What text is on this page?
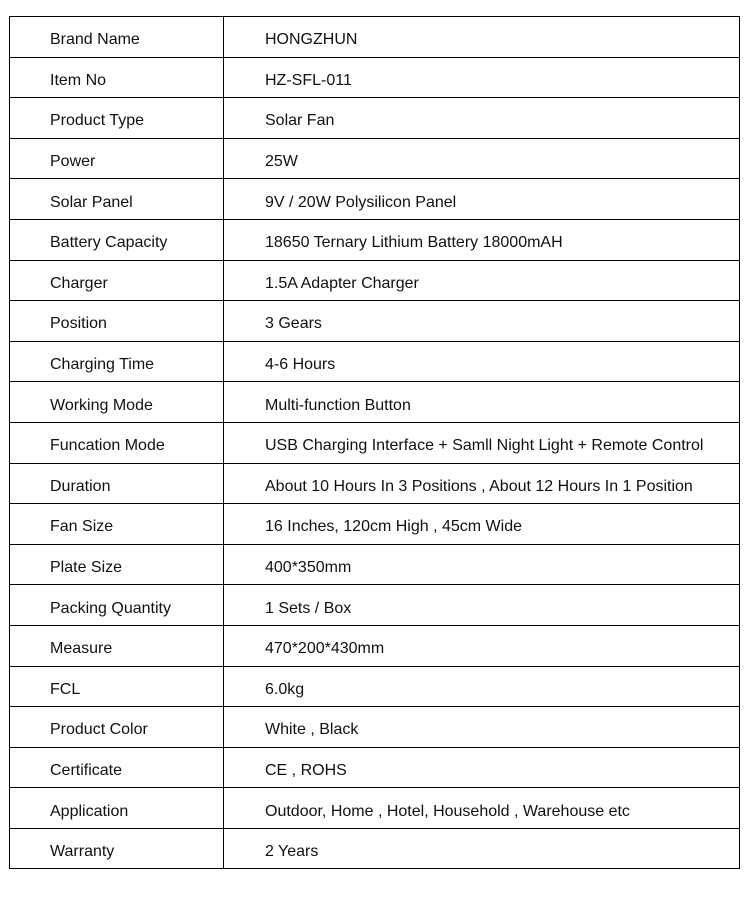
Brand Name	HONGZHUN
Item No	HZ-SFL-011
Product Type	Solar Fan
Power	25W
Solar Panel	9V / 20W Polysilicon Panel
Battery Capacity	18650 Ternary Lithium Battery 18000mAH
Charger	1.5A Adapter Charger
Position	3 Gears
Charging Time	4-6 Hours
Working Mode	Multi-function Button
Funcation Mode	USB Charging Interface + Samll Night Light + Remote Control
Duration	About 10 Hours In 3 Positions , About 12 Hours In 1 Position
Fan Size	16 Inches, 120cm High , 45cm Wide
Plate Size	400*350mm
Packing Quantity	1 Sets / Box
Measure	470*200*430mm
FCL	6.0kg
Product Color	White , Black
Certificate	CE , ROHS
Application	Outdoor, Home , Hotel, Household , Warehouse etc
Warranty	2 Years
